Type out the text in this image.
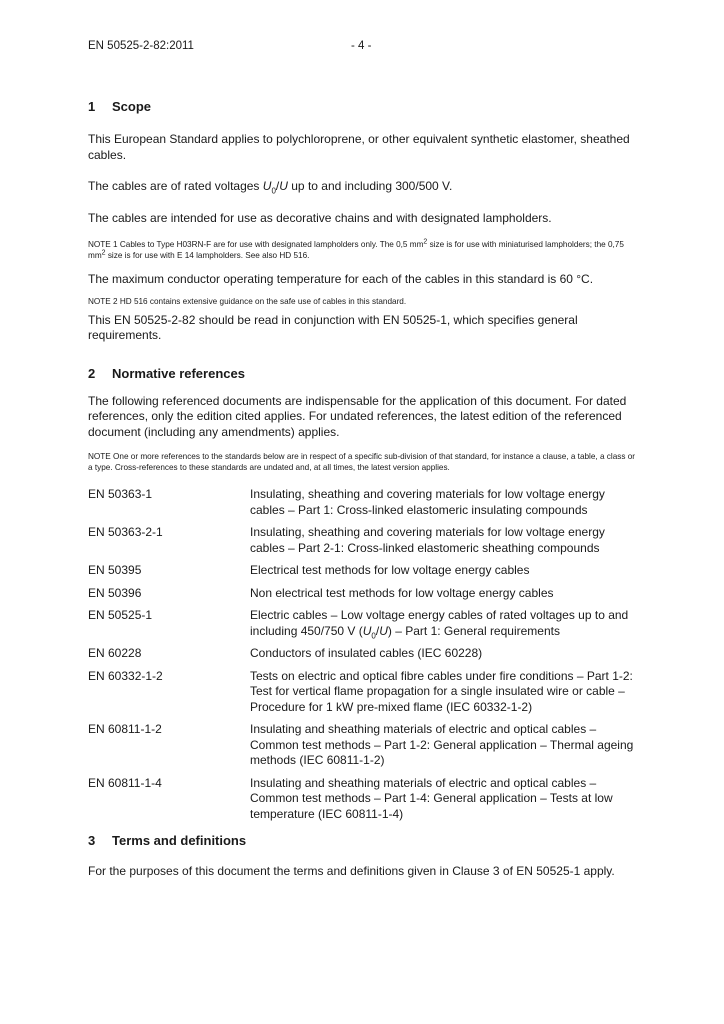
EN 50525-2-82:2011	- 4 -
1 Scope

This European Standard applies to polychloroprene, or other equivalent synthetic elastomer, sheathed cables.

The cables are of rated voltages $U_0/U$ up to and including 300/500 V.

The cables are intended for use as decorative chains and with designated lampholders.

NOTE 1 Cables to Type H03RN-F are for use with designated lampholders only. The 0,5 $mm^2$ size is for use with miniaturised lampholders; the 0,75 $mm^2$ size is for use with E 14 lampholders. See also HD 516.

The maximum conductor operating temperature for each of the cables in this standard is 60 °C.

NOTE 2 HD 516 contains extensive guidance on the safe use of cables in this standard.

This EN 50525-2-82 should be read in conjunction with EN 50525-1, which specifies general requirements.

2 Normative references

The following referenced documents are indispensable for the application of this document. For dated references, only the edition cited applies. For undated references, the latest edition of the referenced document (including any amendments) applies.

NOTE One or more references to the standards below are in respect of a specific sub-division of that standard, for instance a clause, a table, a class or a type. Cross-references to these standards are undated and, at all times, the latest version applies.

EN 50363-1	Insulating, sheathing and covering materials for low voltage energy cables – Part 1: Cross-linked elastomeric insulating compounds
EN 50363-2-1	Insulating, sheathing and covering materials for low voltage energy cables – Part 2-1: Cross-linked elastomeric sheathing compounds
EN 50395	Electrical test methods for low voltage energy cables
EN 50396	Non electrical test methods for low voltage energy cables
EN 50525-1	Electric cables – Low voltage energy cables of rated voltages up to and including 450/750 V $(U_0/U)$ – Part 1: General requirements
EN 60228	Conductors of insulated cables (IEC 60228)
EN 60332-1-2	Tests on electric and optical fibre cables under fire conditions – Part 1-2: Test for vertical flame propagation for a single insulated wire or cable – Procedure for 1 kW pre-mixed flame (IEC 60332-1-2)
EN 60811-1-2	Insulating and sheathing materials of electric and optical cables – Common test methods – Part 1-2: General application – Thermal ageing methods (IEC 60811-1-2)
EN 60811-1-4	Insulating and sheathing materials of electric and optical cables – Common test methods – Part 1-4: General application – Tests at low temperature (IEC 60811-1-4)
3 Terms and definitions

For the purposes of this document the terms and definitions given in Clause 3 of EN 50525-1 apply.
